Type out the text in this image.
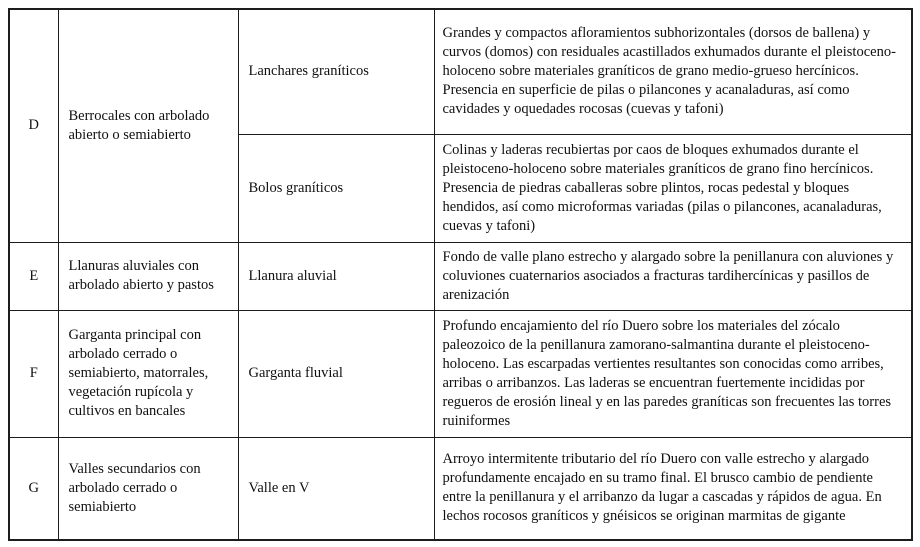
D	Berrocales con arbolado abierto o semiabierto	Lanchares graníticos	Grandes y compactos afloramientos subhorizontales (dorsos de ballena) y curvos (domos) con residuales acastillados exhumados durante el pleistoceno-holoceno sobre materiales graníticos de grano medio-grueso hercínicos. Presencia en superficie de pilas o pilancones y acanaladuras, así como cavidades y oquedades rocosas (cuevas y tafoni)
		Bolos graníticos	Colinas y laderas recubiertas por caos de bloques exhumados durante el pleistoceno-holoceno sobre materiales graníticos de grano fino hercínicos. Presencia de piedras caballeras sobre plintos, rocas pedestal y bloques hendidos, así como microformas variadas (pilas o pilancones, acanaladuras, cuevas y tafoni)
E	Llanuras aluviales con arbolado abierto y pastos	Llanura aluvial	Fondo de valle plano estrecho y alargado sobre la penillanura con aluviones y coluviones cuaternarios asociados a fracturas tardihercínicas y pasillos de arenización
F	Garganta principal con arbolado cerrado o semiabierto, matorrales, vegetación rupícola y cultivos en bancales	Garganta fluvial	Profundo encajamiento del río Duero sobre los materiales del zócalo paleozoico de la penillanura zamorano-salmantina durante el pleistoceno-holoceno. Las escarpadas vertientes resultantes son conocidas como arribes, arribas o arribanzos. Las laderas se encuentran fuertemente incididas por regueros de erosión lineal y en las paredes graníticas son frecuentes las torres ruiniformes
G	Valles secundarios con arbolado cerrado o semiabierto	Valle en V	Arroyo intermitente tributario del río Duero con valle estrecho y alargado profundamente encajado en su tramo final. El brusco cambio de pendiente entre la penillanura y el arribanzo da lugar a cascadas y rápidos de agua. En lechos rocosos graníticos y gnéisicos se originan marmitas de gigante
